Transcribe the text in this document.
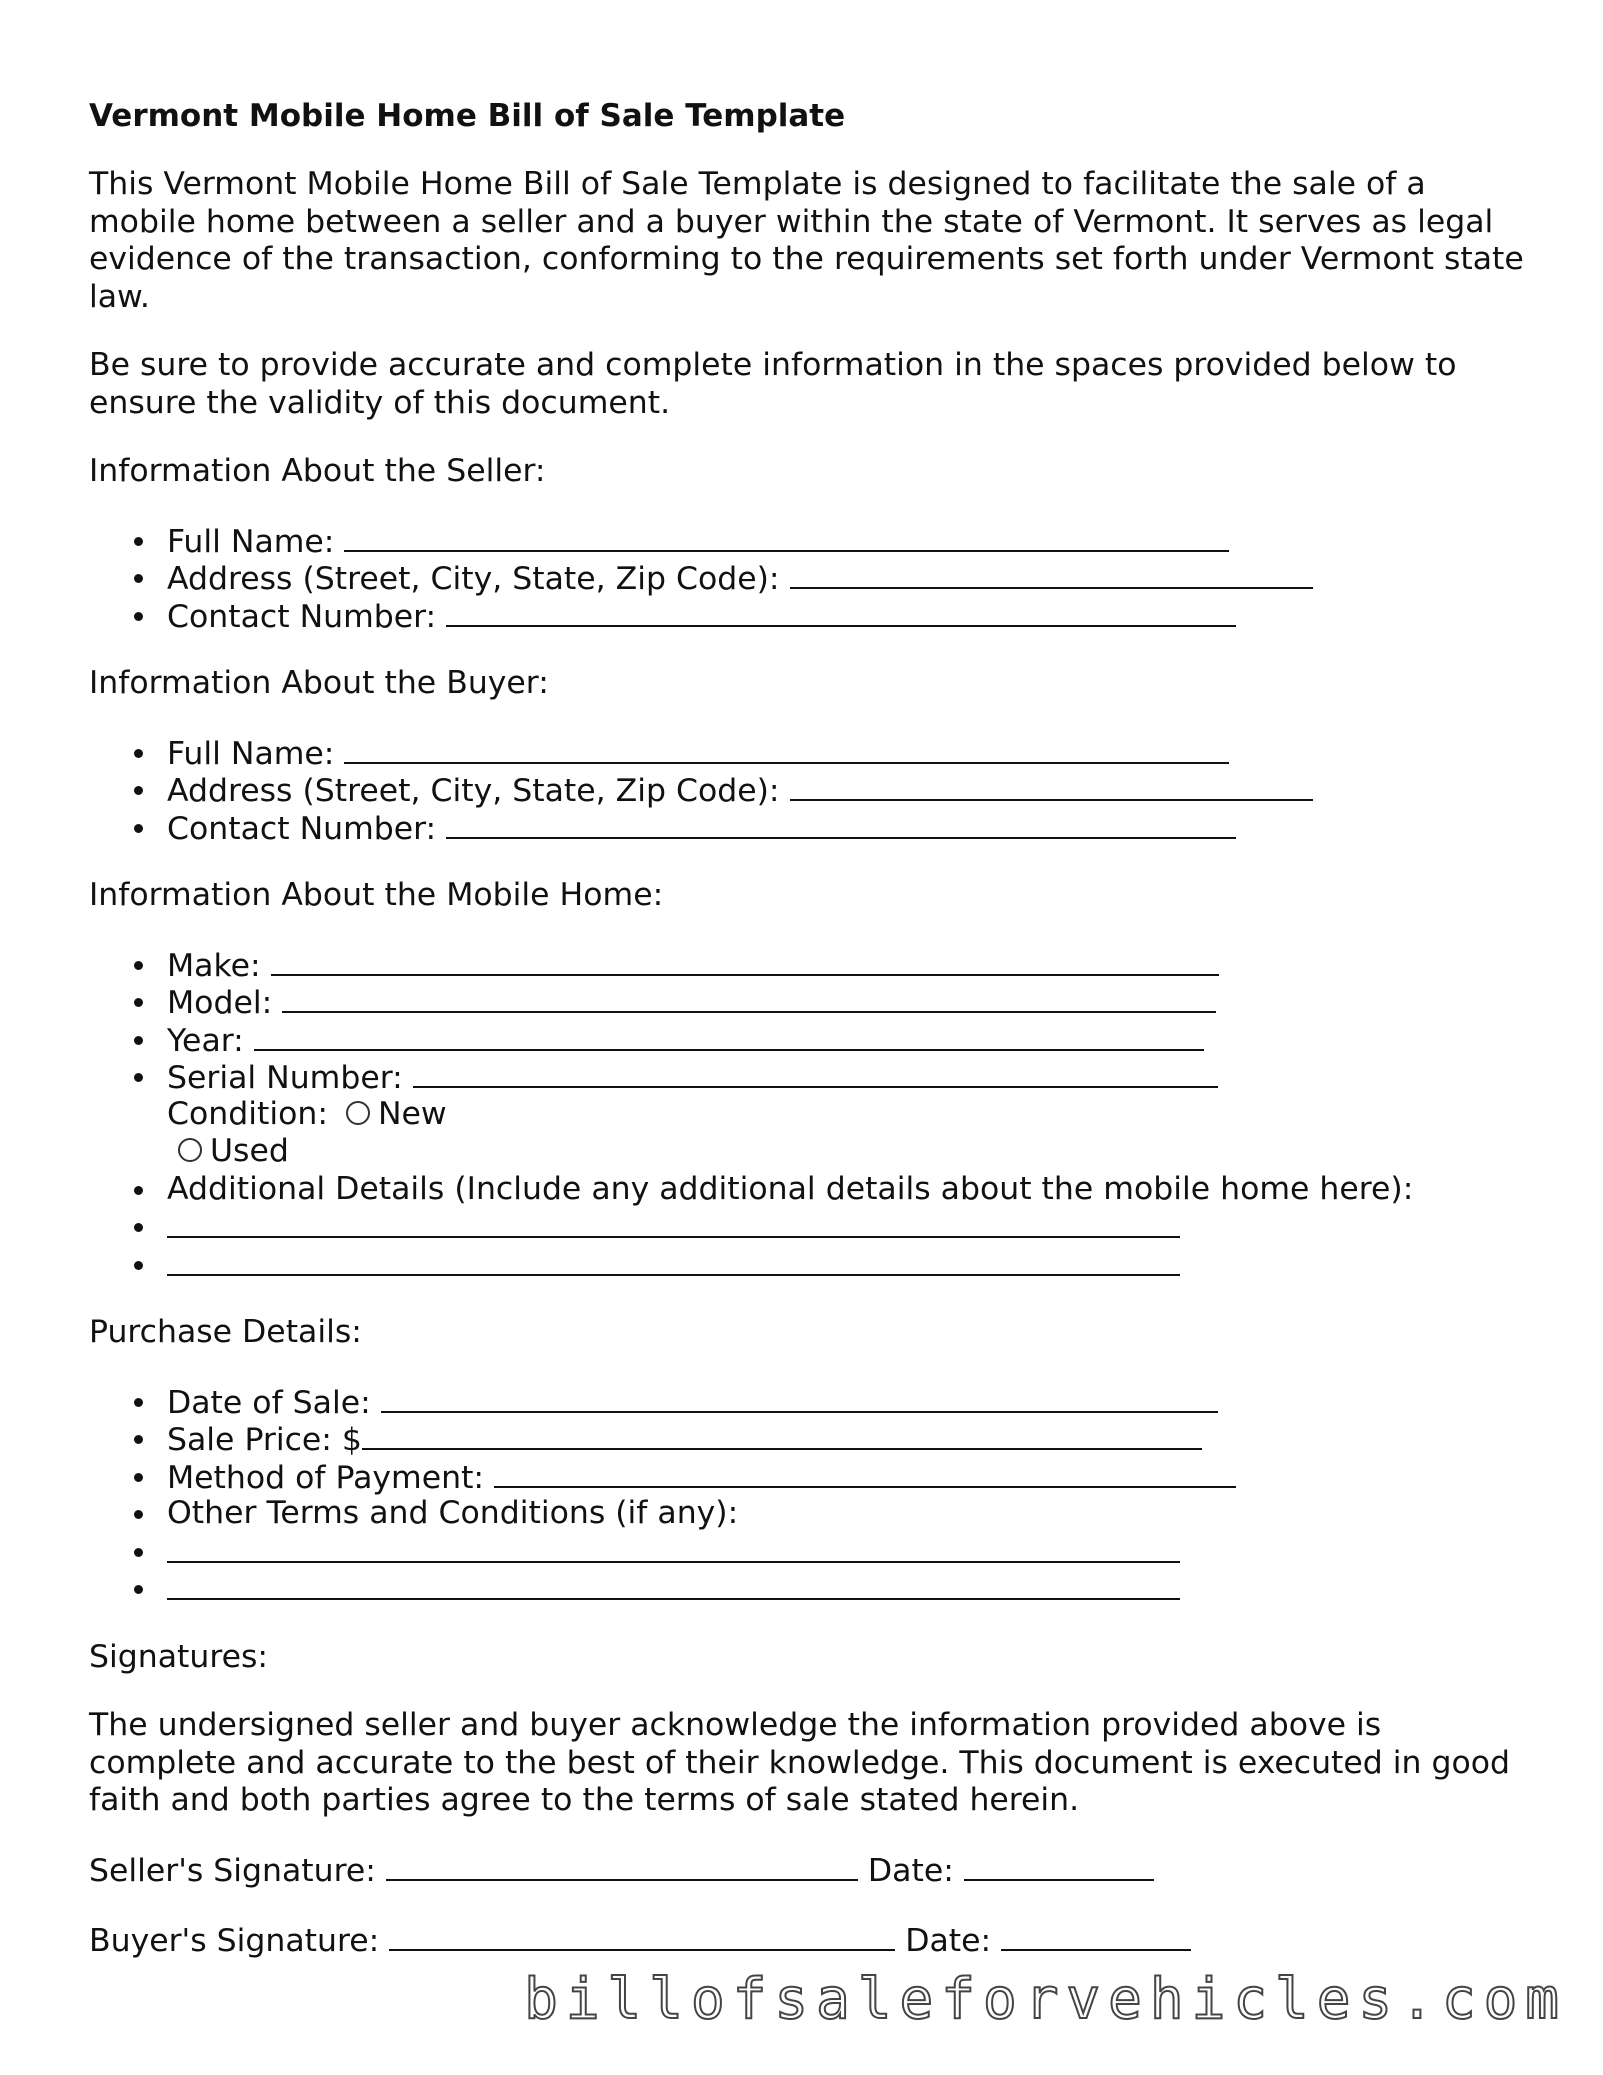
Vermont Mobile Home Bill of Sale Template

This Vermont Mobile Home Bill of Sale Template is designed to facilitate the sale of a mobile home between a seller and a buyer within the state of Vermont. It serves as legal evidence of the transaction, conforming to the requirements set forth under Vermont state law.

Be sure to provide accurate and complete information in the spaces provided below to ensure the validity of this document.

Information About the Seller:
Full Name:
Address (Street, City, State, Zip Code):
Contact Number:
Information About the Buyer:
Full Name:
Address (Street, City, State, Zip Code):
Contact Number:
Information About the Mobile Home:
Make:
Model:
Year:
Serial Number:
Condition: New
Used
Additional Details (Include any additional details about the mobile home here):
Purchase Details:
Date of Sale:
Sale Price: $
Method of Payment:
Other Terms and Conditions (if any):
Signatures:

The undersigned seller and buyer acknowledge the information provided above is complete and accurate to the best of their knowledge. This document is executed in good faith and both parties agree to the terms of sale stated herein.

Seller's Signature:	Date:
Buyer's Signature:	Date:
billofsaleforvehicles.com
